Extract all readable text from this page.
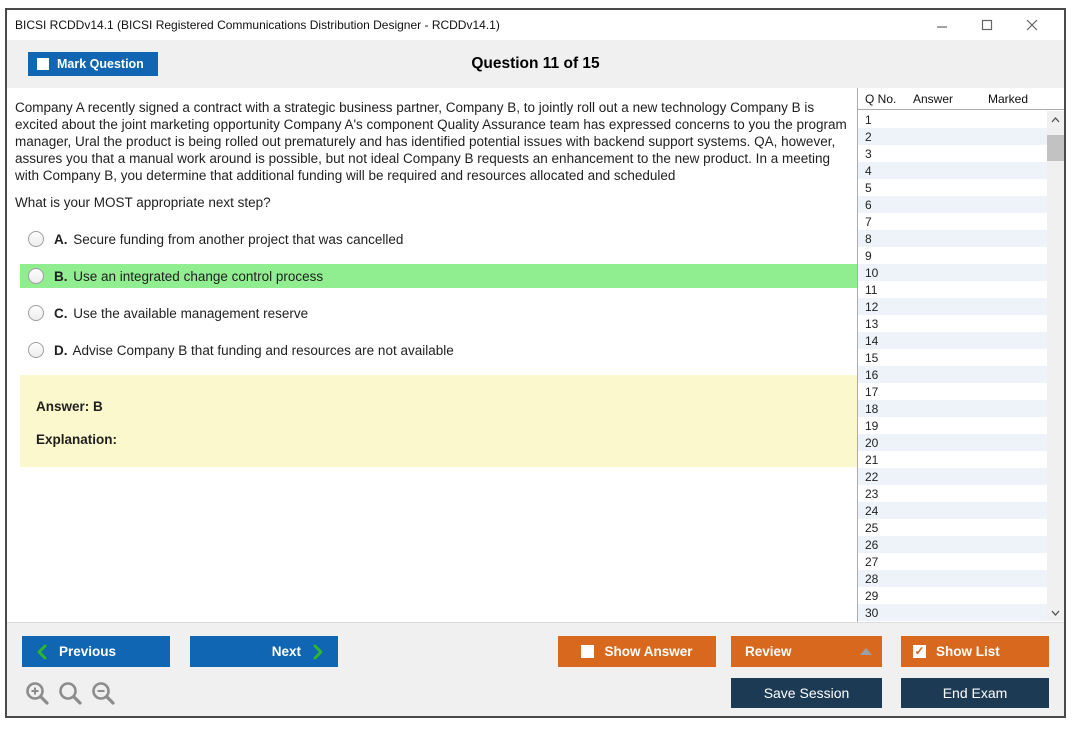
BICSI RCDDv14.1 (BICSI Registered Communications Distribution Designer - RCDDv14.1)
Question 11 of 15
Mark Question
Company A recently signed a contract with a strategic business partner, Company B, to jointly roll out a new technology Company B is excited about the joint marketing opportunity Company A's component Quality Assurance team has expressed concerns to you the program manager, Ural the product is being rolled out prematurely and has identified potential issues with backend support systems. QA, however, assures you that a manual work around is possible, but not ideal Company B requests an enhancement to the new product. In a meeting with Company B, you determine that additional funding will be required and resources allocated and scheduled
What is your MOST appropriate next step?
A. Secure funding from another project that was cancelled
B. Use an integrated change control process
C. Use the available management reserve
D. Advise Company B that funding and resources are not available
Answer: B
Explanation:
Q No.	Answer	Marked
1
2
3
4
5
6
7
8
9
10
11
12
13
14
15
16
17
18
19
20
21
22
23
24
25
26
27
28
29
30
Previous	Next	Show Answer	Review	✓ Show List
Save Session	End Exam
